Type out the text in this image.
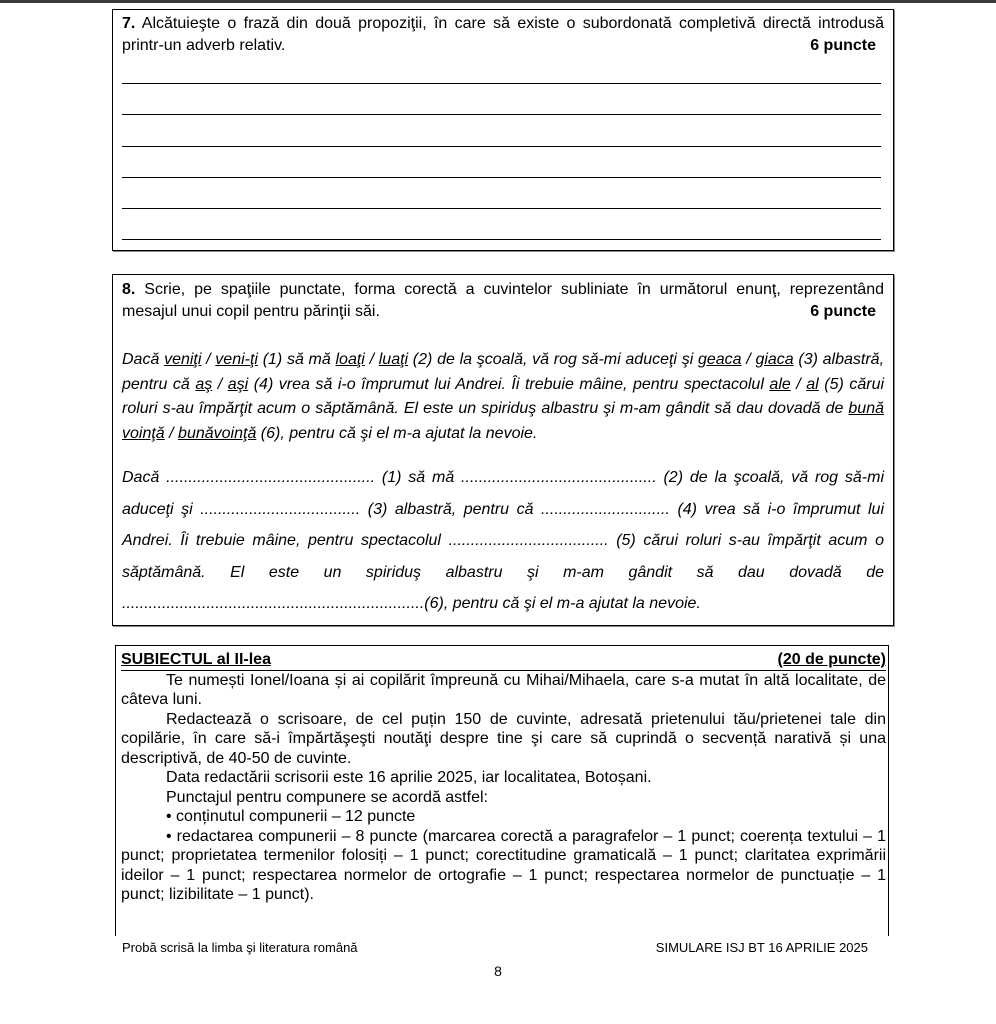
7. Alcătuieşte o frază din două propoziţii, în care să existe o subordonată completivă directă introdusă printr-un adverb relativ.	6 puncte
8. Scrie, pe spaţiile punctate, forma corectă a cuvintelor subliniate în următorul enunţ, reprezentând mesajul unui copil pentru părinţii săi.	6 puncte
Dacă veniţi / veni-ţi (1) să mă loaţi / luaţi (2) de la şcoală, vă rog să-mi aduceţi şi geaca / giaca (3) albastră, pentru că aş / aşi (4) vrea să i-o împrumut lui Andrei. Îi trebuie mâine, pentru spectacolul ale / al (5) cărui roluri s-au împărţit acum o săptămână. El este un spiriduş albastru şi m-am gândit să dau dovadă de bună voinţă / bunăvoinţă (6), pentru că şi el m-a ajutat la nevoie.
Dacă ............................................... (1) să mă ............................................ (2) de la şcoală, vă rog să-mi aduceţi şi .................................... (3) albastră, pentru că ............................. (4) vrea să i-o împrumut lui Andrei. Îi trebuie mâine, pentru spectacolul .................................... (5) cărui roluri s-au împărţit acum o săptămână. El este un spiriduş albastru şi m-am gândit să dau dovadă de ....................................................................(6), pentru că şi el m-a ajutat la nevoie.
SUBIECTUL al II-lea	(20 de puncte)

Te numești Ionel/Ioana și ai copilărit împreună cu Mihai/Mihaela, care s-a mutat în altă localitate, de câteva luni.

Redactează o scrisoare, de cel puțin 150 de cuvinte, adresată prietenului tău/prietenei tale din copilărie, în care să-i împărtăşeşti noutăţi despre tine şi care să cuprindă o secvență narativă și una descriptivă, de 40-50 de cuvinte.

Data redactării scrisorii este 16 aprilie 2025, iar localitatea, Botoșani.

Punctajul pentru compunere se acordă astfel:

• conținutul compunerii – 12 puncte

• redactarea compunerii – 8 puncte (marcarea corectă a paragrafelor – 1 punct; coerența textului – 1 punct; proprietatea termenilor folosiți – 1 punct; corectitudine gramaticală – 1 punct; claritatea exprimării ideilor – 1 punct; respectarea normelor de ortografie – 1 punct; respectarea normelor de punctuație – 1 punct; lizibilitate – 1 punct).

Probă scrisă la limba şi literatura română	SIMULARE ISJ BT 16 APRILIE 2025
8
